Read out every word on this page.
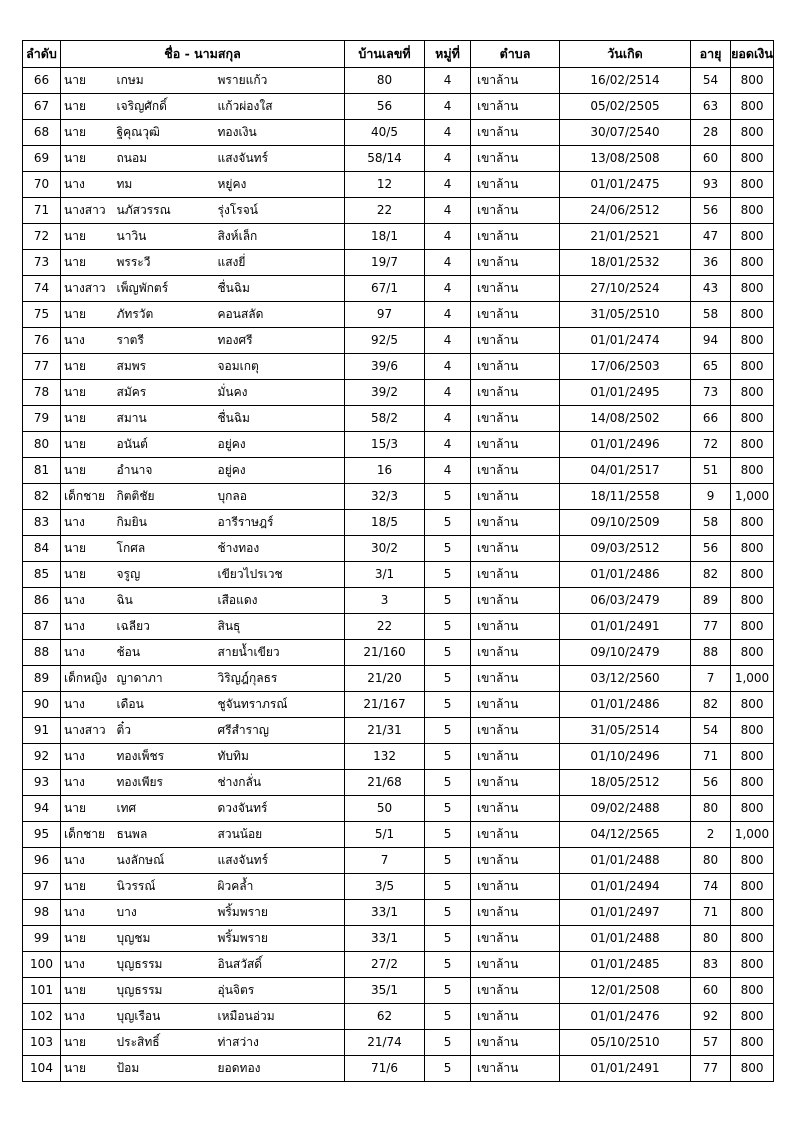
ลำดับ	ชื่อ - นามสกุล			บ้านเลขที่	หมู่ที่	ตำบล	วันเกิด	อายุ	ยอดเงิน
66	นาย	เกษม	พรายแก้ว	80	4	เขาล้าน	16/02/2514	54	800
67	นาย	เจริญศักดิ์	แก้วผ่องใส	56	4	เขาล้าน	05/02/2505	63	800
68	นาย	ฐิคุณวุฒิ	ทองเงิน	40/5	4	เขาล้าน	30/07/2540	28	800
69	นาย	ถนอม	แสงจันทร์	58/14	4	เขาล้าน	13/08/2508	60	800
70	นาง	ทม	หยู่คง	12	4	เขาล้าน	01/01/2475	93	800
71	นางสาว	นภัสวรรณ	รุ่งโรจน์	22	4	เขาล้าน	24/06/2512	56	800
72	นาย	นาวิน	สิงห์เล็ก	18/1	4	เขาล้าน	21/01/2521	47	800
73	นาย	พรระวี	แสงยี่	19/7	4	เขาล้าน	18/01/2532	36	800
74	นางสาว	เพ็ญพักตร์	ชื่นฉิม	67/1	4	เขาล้าน	27/10/2524	43	800
75	นาย	ภัทรวัต	คอนสลัด	97	4	เขาล้าน	31/05/2510	58	800
76	นาง	ราตรี	ทองศรี	92/5	4	เขาล้าน	01/01/2474	94	800
77	นาย	สมพร	จอมเกตุ	39/6	4	เขาล้าน	17/06/2503	65	800
78	นาย	สมัคร	มั่นคง	39/2	4	เขาล้าน	01/01/2495	73	800
79	นาย	สมาน	ชื่นฉิม	58/2	4	เขาล้าน	14/08/2502	66	800
80	นาย	อนันต์	อยู่คง	15/3	4	เขาล้าน	01/01/2496	72	800
81	นาย	อำนาจ	อยู่คง	16	4	เขาล้าน	04/01/2517	51	800
82	เด็กชาย	กิตติชัย	บุกลอ	32/3	5	เขาล้าน	18/11/2558	9	1,000
83	นาง	กิมยิน	อารีราษฎร์	18/5	5	เขาล้าน	09/10/2509	58	800
84	นาย	โกศล	ช้างทอง	30/2	5	เขาล้าน	09/03/2512	56	800
85	นาย	จรูญ	เขียวไปรเวช	3/1	5	เขาล้าน	01/01/2486	82	800
86	นาง	ฉิน	เสือแดง	3	5	เขาล้าน	06/03/2479	89	800
87	นาง	เฉลียว	สินธุ	22	5	เขาล้าน	01/01/2491	77	800
88	นาง	ช้อน	สายน้ำเขียว	21/160	5	เขาล้าน	09/10/2479	88	800
89	เด็กหญิง	ญาดาภา	วิริญฎ์กุลธร	21/20	5	เขาล้าน	03/12/2560	7	1,000
90	นาง	เดือน	ชูจันทราภรณ์	21/167	5	เขาล้าน	01/01/2486	82	800
91	นางสาว	ติ๋ว	ศรีสำราญ	21/31	5	เขาล้าน	31/05/2514	54	800
92	นาง	ทองเพ็ชร	ทับทิม	132	5	เขาล้าน	01/10/2496	71	800
93	นาง	ทองเพียร	ช่างกลั่น	21/68	5	เขาล้าน	18/05/2512	56	800
94	นาย	เทศ	ดวงจันทร์	50	5	เขาล้าน	09/02/2488	80	800
95	เด็กชาย	ธนพล	สวนน้อย	5/1	5	เขาล้าน	04/12/2565	2	1,000
96	นาง	นงลักษณ์	แสงจันทร์	7	5	เขาล้าน	01/01/2488	80	800
97	นาย	นิวรรณ์	ผิวคล้ำ	3/5	5	เขาล้าน	01/01/2494	74	800
98	นาง	บาง	พริ้มพราย	33/1	5	เขาล้าน	01/01/2497	71	800
99	นาย	บุญชม	พริ้มพราย	33/1	5	เขาล้าน	01/01/2488	80	800
100	นาง	บุญธรรม	อินสวัสดิ์	27/2	5	เขาล้าน	01/01/2485	83	800
101	นาย	บุญธรรม	อุ่นจิตร	35/1	5	เขาล้าน	12/01/2508	60	800
102	นาง	บุญเรือน	เหมือนอ่วม	62	5	เขาล้าน	01/01/2476	92	800
103	นาย	ประสิทธิ์	ท่าสว่าง	21/74	5	เขาล้าน	05/10/2510	57	800
104	นาย	ป้อม	ยอดทอง	71/6	5	เขาล้าน	01/01/2491	77	800
